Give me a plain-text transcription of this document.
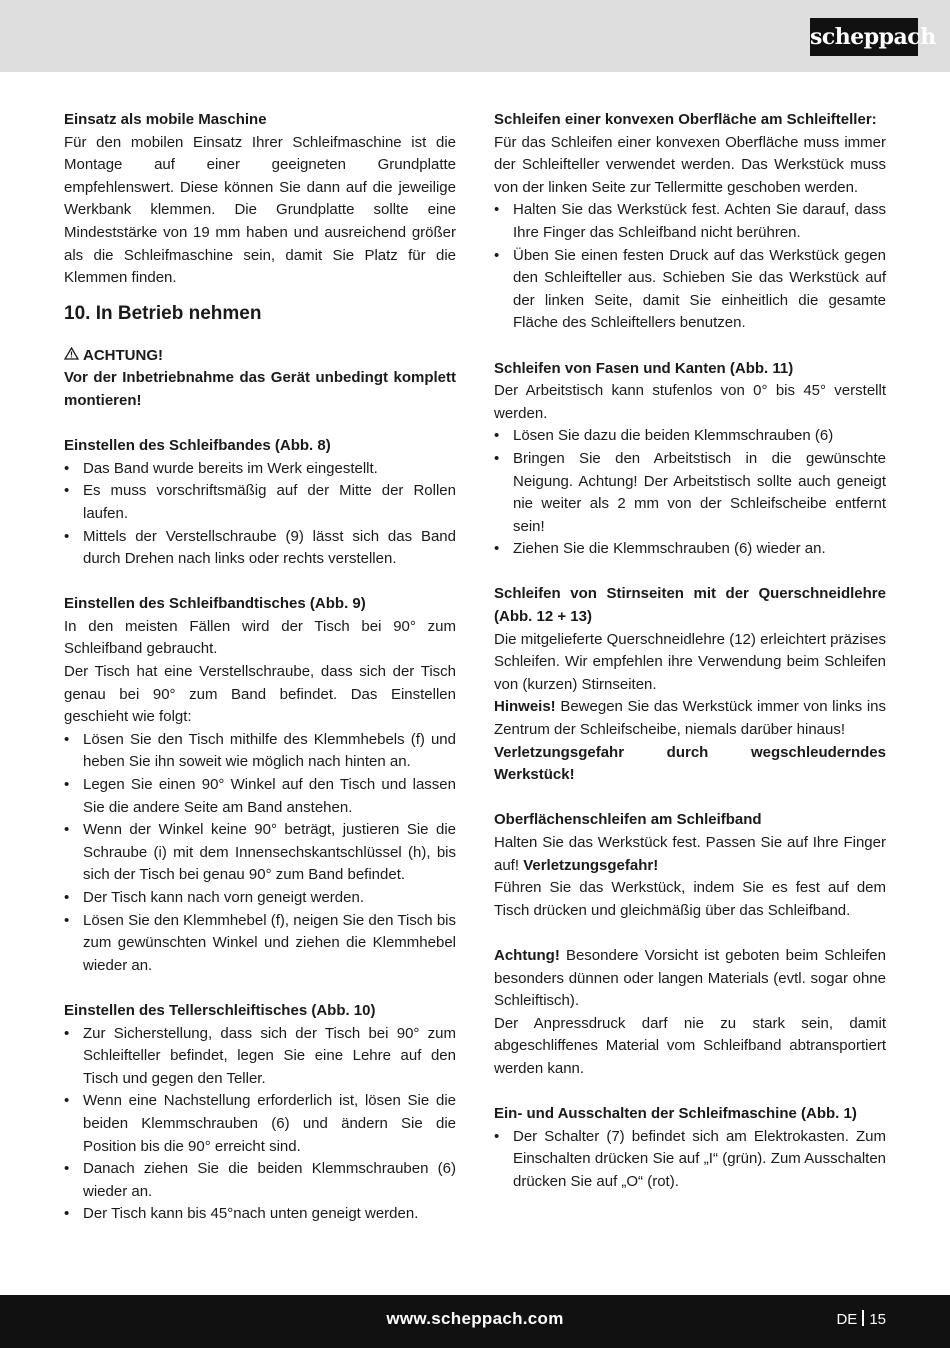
scheppach

Einsatz als mobile Maschine

Für den mobilen Einsatz Ihrer Schleifmaschine ist die Montage auf einer geeigneten Grundplatte empfehlenswert. Diese können Sie dann auf die jeweilige Werkbank klemmen. Die Grundplatte sollte eine Mindeststärke von 19 mm haben und ausreichend größer als die Schleifmaschine sein, damit Sie Platz für die Klemmen finden.

10. In Betrieb nehmen

ACHTUNG!

Vor der Inbetriebnahme das Gerät unbedingt komplett montieren!

Einstellen des Schleifbandes (Abb. 8)

• Das Band wurde bereits im Werk eingestellt.
• Es muss vorschriftsmäßig auf der Mitte der Rollen laufen.
• Mittels der Verstellschraube (9) lässt sich das Band durch Drehen nach links oder rechts verstellen.

Einstellen des Schleifbandtisches (Abb. 9)

In den meisten Fällen wird der Tisch bei 90° zum Schleifband gebraucht.

Der Tisch hat eine Verstellschraube, dass sich der Tisch genau bei 90° zum Band befindet. Das Einstellen geschieht wie folgt:

• Lösen Sie den Tisch mithilfe des Klemmhebels (f) und heben Sie ihn soweit wie möglich nach hinten an.
• Legen Sie einen 90° Winkel auf den Tisch und lassen Sie die andere Seite am Band anstehen.
• Wenn der Winkel keine 90° beträgt, justieren Sie die Schraube (i) mit dem Innensechskantschlüssel (h), bis sich der Tisch bei genau 90° zum Band befindet.
• Der Tisch kann nach vorn geneigt werden.
• Lösen Sie den Klemmhebel (f), neigen Sie den Tisch bis zum gewünschten Winkel und ziehen die Klemmhebel wieder an.

Einstellen des Tellerschleiftisches (Abb. 10)

• Zur Sicherstellung, dass sich der Tisch bei 90° zum Schleifteller befindet, legen Sie eine Lehre auf den Tisch und gegen den Teller.
• Wenn eine Nachstellung erforderlich ist, lösen Sie die beiden Klemmschrauben (6) und ändern Sie die Position bis die 90° erreicht sind.
• Danach ziehen Sie die beiden Klemmschrauben (6) wieder an.
• Der Tisch kann bis 45°nach unten geneigt werden.

Schleifen einer konvexen Oberfläche am Schleifteller:

Für das Schleifen einer konvexen Oberfläche muss immer der Schleifteller verwendet werden. Das Werkstück muss von der linken Seite zur Tellermitte geschoben werden.

• Halten Sie das Werkstück fest. Achten Sie darauf, dass Ihre Finger das Schleifband nicht berühren.
• Üben Sie einen festen Druck auf das Werkstück gegen den Schleifteller aus. Schieben Sie das Werkstück auf der linken Seite, damit Sie einheitlich die gesamte Fläche des Schleiftellers benutzen.

Schleifen von Fasen und Kanten (Abb. 11)

Der Arbeitstisch kann stufenlos von 0° bis 45° verstellt werden.

• Lösen Sie dazu die beiden Klemmschrauben (6)
• Bringen Sie den Arbeitstisch in die gewünschte Neigung. Achtung! Der Arbeitstisch sollte auch geneigt nie weiter als 2 mm von der Schleifscheibe entfernt sein!
• Ziehen Sie die Klemmschrauben (6) wieder an.

Schleifen von Stirnseiten mit der Querschneidlehre (Abb. 12 + 13)

Die mitgelieferte Querschneidlehre (12) erleichtert präzises Schleifen. Wir empfehlen ihre Verwendung beim Schleifen von (kurzen) Stirnseiten.

Hinweis! Bewegen Sie das Werkstück immer von links ins Zentrum der Schleifscheibe, niemals darüber hinaus!

Verletzungsgefahr durch wegschleuderndes

Werkstück!

Oberflächenschleifen am Schleifband

Halten Sie das Werkstück fest. Passen Sie auf Ihre Finger auf! Verletzungsgefahr!

Führen Sie das Werkstück, indem Sie es fest auf dem Tisch drücken und gleichmäßig über das Schleifband.

Achtung! Besondere Vorsicht ist geboten beim Schleifen besonders dünnen oder langen Materials (evtl. sogar ohne Schleiftisch).

Der Anpressdruck darf nie zu stark sein, damit abgeschliffenes Material vom Schleifband abtransportiert werden kann.

Ein- und Ausschalten der Schleifmaschine (Abb. 1)

• Der Schalter (7) befindet sich am Elektrokasten. Zum Einschalten drücken Sie auf „I“ (grün). Zum Ausschalten drücken Sie auf „O“ (rot).
www.scheppach.com	DE 15
